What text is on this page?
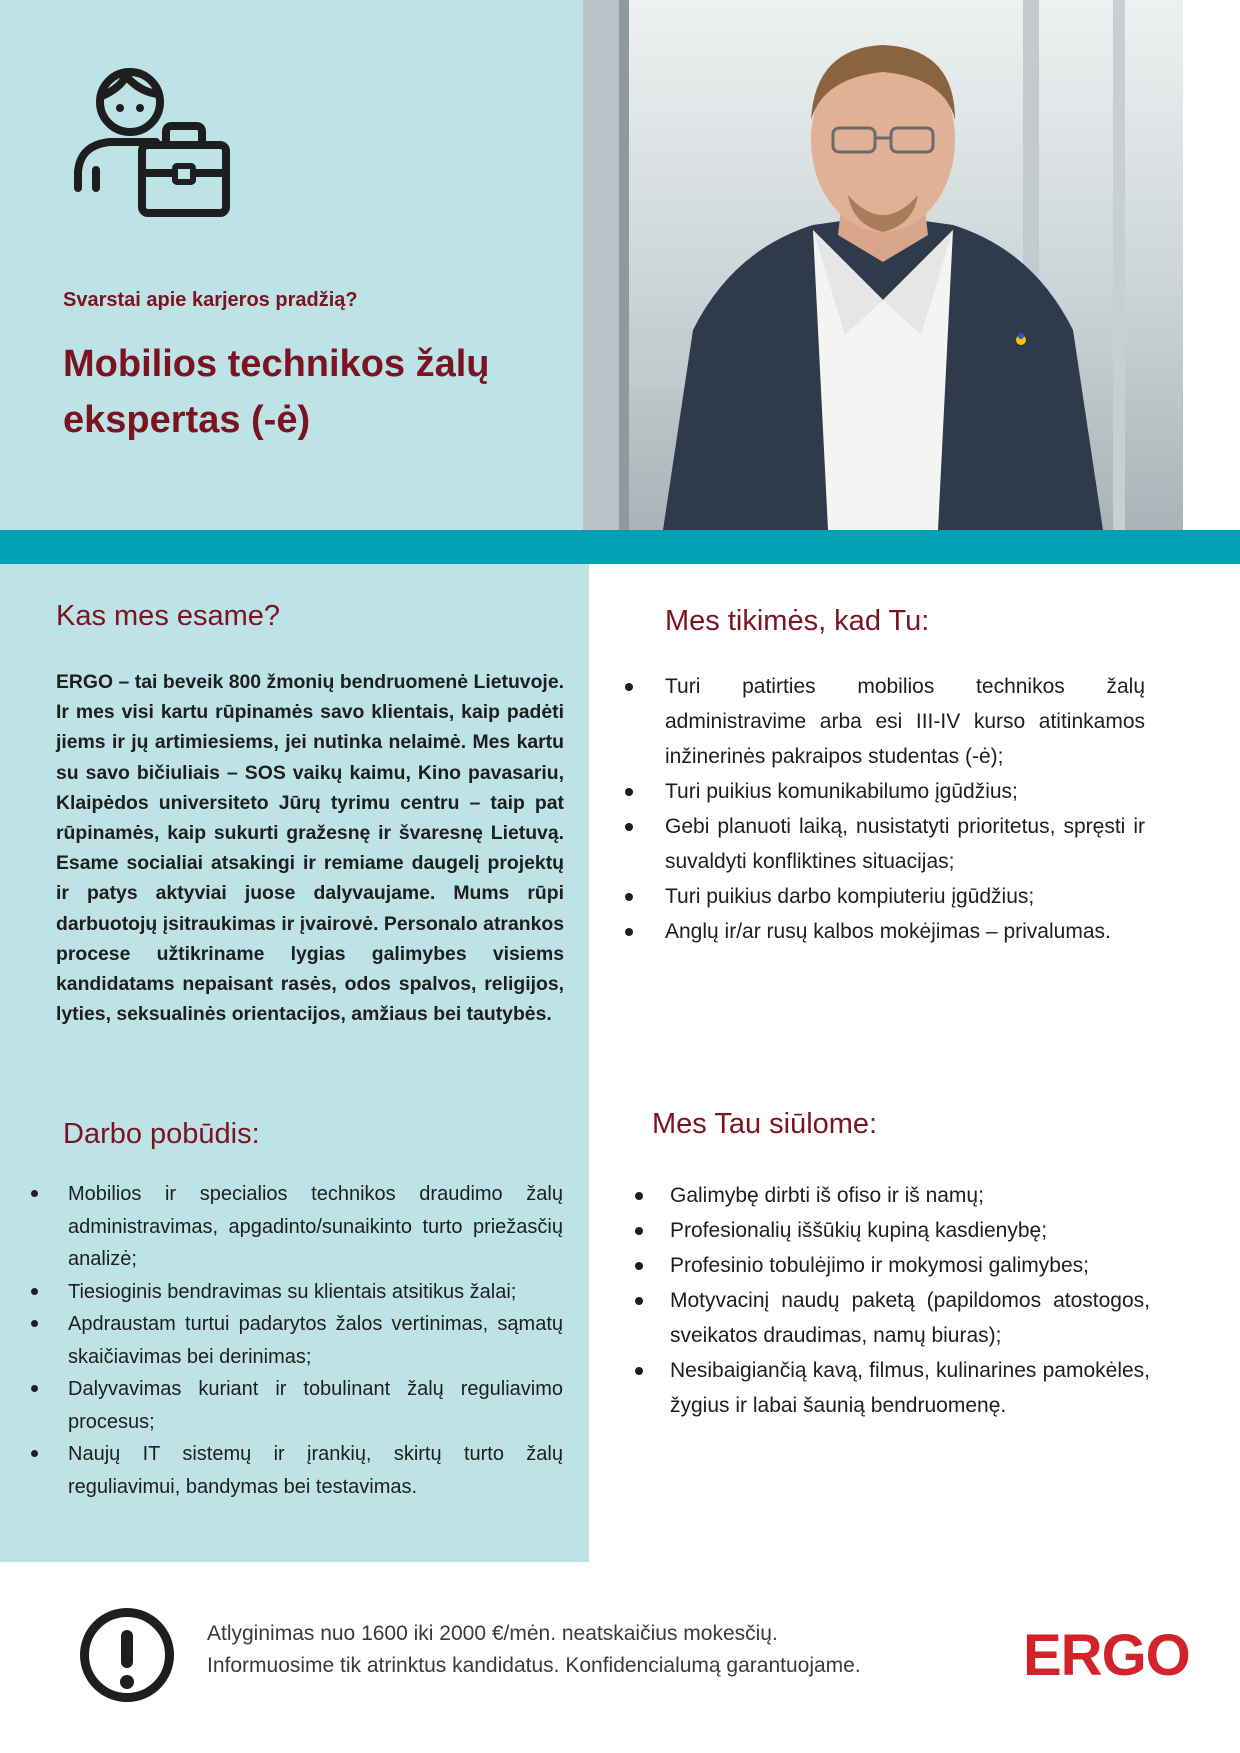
Svarstai apie karjeros pradžią?
Mobilios technikos žalų ekspertas (-ė)
Kas mes esame?
ERGO – tai beveik 800 žmonių bendruomenė Lietuvoje. Ir mes visi kartu rūpinamės savo klientais, kaip padėti jiems ir jų artimiesiems, jei nutinka nelaimė. Mes kartu su savo bičiuliais – SOS vaikų kaimu, Kino pavasariu, Klaipėdos universiteto Jūrų tyrimu centru – taip pat rūpinamės, kaip sukurti gražesnę ir švaresnę Lietuvą. Esame socialiai atsakingi ir remiame daugelį projektų ir patys aktyviai juose dalyvaujame. Mums rūpi darbuotojų įsitraukimas ir įvairovė. Personalo atrankos procese užtikriname lygias galimybes visiems kandidatams nepaisant rasės, odos spalvos, religijos, lyties, seksualinės orientacijos, amžiaus bei tautybės.
Mes tikimės, kad Tu:
Turi patirties mobilios technikos žalų administravime arba esi III-IV kurso atitinkamos inžinerinės pakraipos studentas (-ė);
Turi puikius komunikabilumo įgūdžius;
Gebi planuoti laiką, nusistatyti prioritetus, spręsti ir suvaldyti konfliktines situacijas;
Turi puikius darbo kompiuteriu įgūdžius;
Anglų ir/ar rusų kalbos mokėjimas – privalumas.
Darbo pobūdis:
Mobilios ir specialios technikos draudimo žalų administravimas, apgadinto/sunaikinto turto priežasčių analizė;
Tiesioginis bendravimas su klientais atsitikus žalai;
Apdraustam turtui padarytos žalos vertinimas, sąmatų skaičiavimas bei derinimas;
Dalyvavimas kuriant ir tobulinant žalų reguliavimo procesus;
Naujų IT sistemų ir įrankių, skirtų turto žalų reguliavimui, bandymas bei testavimas.
Mes Tau siūlome:
Galimybę dirbti iš ofiso ir iš namų;
Profesionalių iššūkių kupiną kasdienybę;
Profesinio tobulėjimo ir mokymosi galimybes;
Motyvacinį naudų paketą (papildomos atostogos, sveikatos draudimas, namų biuras);
Nesibaigiančią kavą, filmus, kulinarines pamokėles, žygius ir labai šaunią bendruomenę.
Atlyginimas nuo 1600 iki 2000 €/mėn. neatskaičius mokesčių.
Informuosime tik atrinktus kandidatus. Konfidencialumą garantuojame.	ERGO
